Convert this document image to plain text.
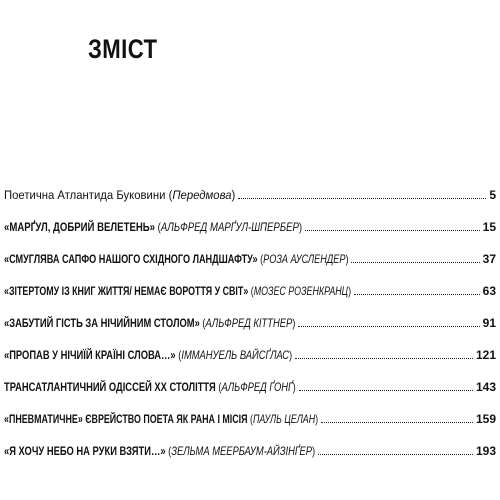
ЗМІСТ
Поетична Атлантида Буковини (Передмова)	5
«МАРҐУЛ, ДОБРИЙ ВЕЛЕТЕНЬ» (АЛЬФРЕД МАРҐУЛ-ШПЕРБЕР)	15
«СМУГЛЯВА САПФО НАШОГО СХІДНОГО ЛАНДШАФТУ» (РОЗА АУСЛЕНДЕР)	37
«ЗІТЕРТОМУ ІЗ КНИГ ЖИТТЯ/ НЕМАЄ ВОРОТТЯ У СВІТ» (МОЗЕС РОЗЕНКРАНЦ)	63
«ЗАБУТИЙ ГІСТЬ ЗА НІЧИЙНИМ СТОЛОМ» (АЛЬФРЕД КІТТНЕР)	91
«ПРОПАВ У НІЧИЇЙ КРАЇНІ СЛОВА…» (ІММАНУЕЛЬ ВАЙСҐЛАС)	121
ТРАНСАТЛАНТИЧНИЙ ОДІССЕЙ ХХ СТОЛІТТЯ (АЛЬФРЕД ҐОНҐ)	143
«ПНЕВМАТИЧНЕ» ЄВРЕЙСТВО ПОЕТА ЯК РАНА І МІСІЯ (ПАУЛЬ ЦЕЛАН)	159
«Я ХОЧУ НЕБО НА РУКИ ВЗЯТИ…» (ЗЕЛЬМА МЕЕРБАУМ-АЙЗІНҐЕР)	193
